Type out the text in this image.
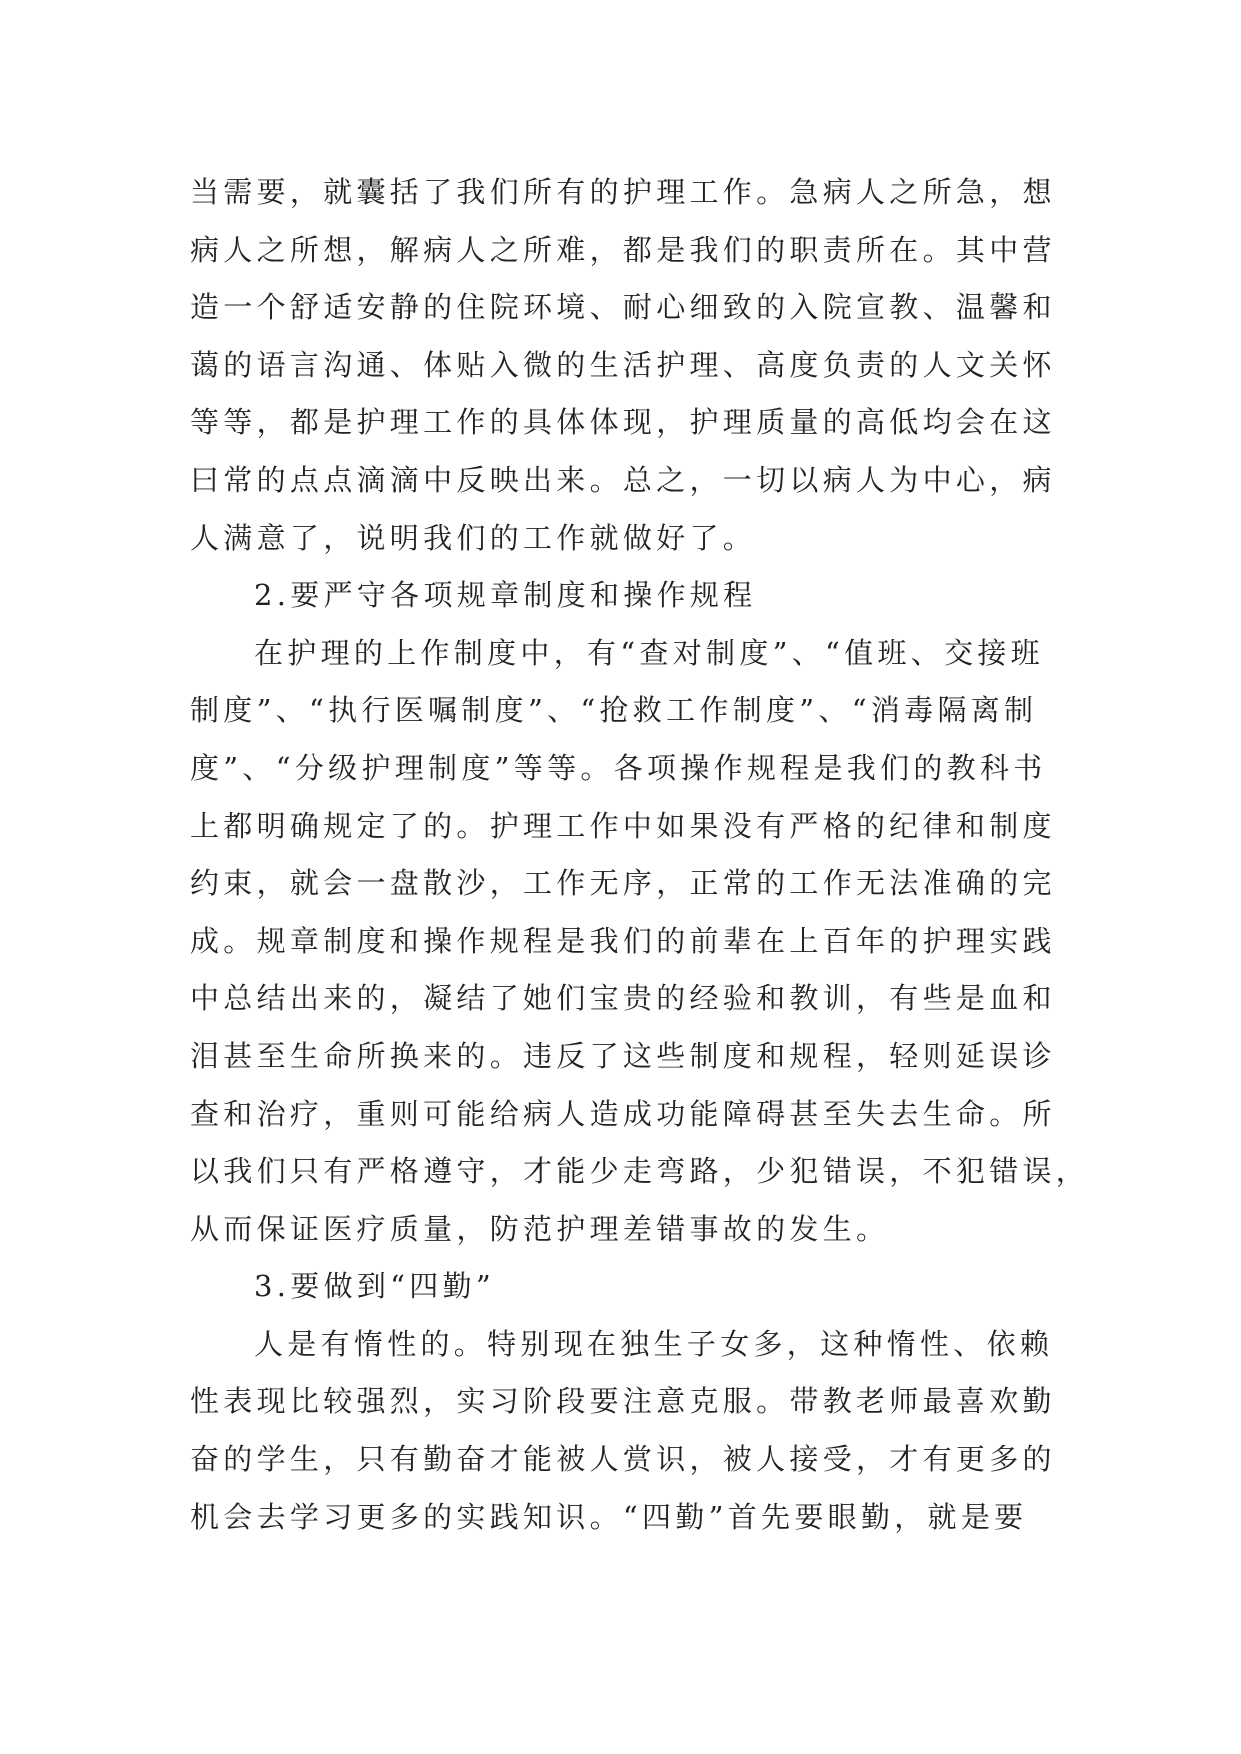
当需要，就囊括了我们所有的护理工作。急病人之所急，想
病人之所想，解病人之所难，都是我们的职责所在。其中营
造一个舒适安静的住院环境、耐心细致的入院宣教、温馨和
蔼的语言沟通、体贴入微的生活护理、高度负责的人文关怀
等等，都是护理工作的具体体现，护理质量的高低均会在这
曰常的点点滴滴中反映出来。总之，一切以病人为中心，病
人满意了，说明我们的工作就做好了。
2.要严守各项规章制度和操作规程
在护理的上作制度中，有“查对制度”、“值班、交接班
制度”、“执行医嘱制度”、“抢救工作制度”、“消毒隔离制
度”、“分级护理制度”等等。各项操作规程是我们的教科书
上都明确规定了的。护理工作中如果没有严格的纪律和制度
约束，就会一盘散沙，工作无序，正常的工作无法准确的完
成。规章制度和操作规程是我们的前辈在上百年的护理实践
中总结出来的，凝结了她们宝贵的经验和教训，有些是血和
泪甚至生命所换来的。违反了这些制度和规程，轻则延误诊
查和治疗，重则可能给病人造成功能障碍甚至失去生命。所
以我们只有严格遵守，才能少走弯路，少犯错误，不犯错误，
从而保证医疗质量，防范护理差错事故的发生。
3.要做到“四勤”
人是有惰性的。特别现在独生子女多，这种惰性、依赖
性表现比较强烈，实习阶段要注意克服。带教老师最喜欢勤
奋的学生，只有勤奋才能被人赏识，被人接受，才有更多的
机会去学习更多的实践知识。“四勤”首先要眼勤，就是要
